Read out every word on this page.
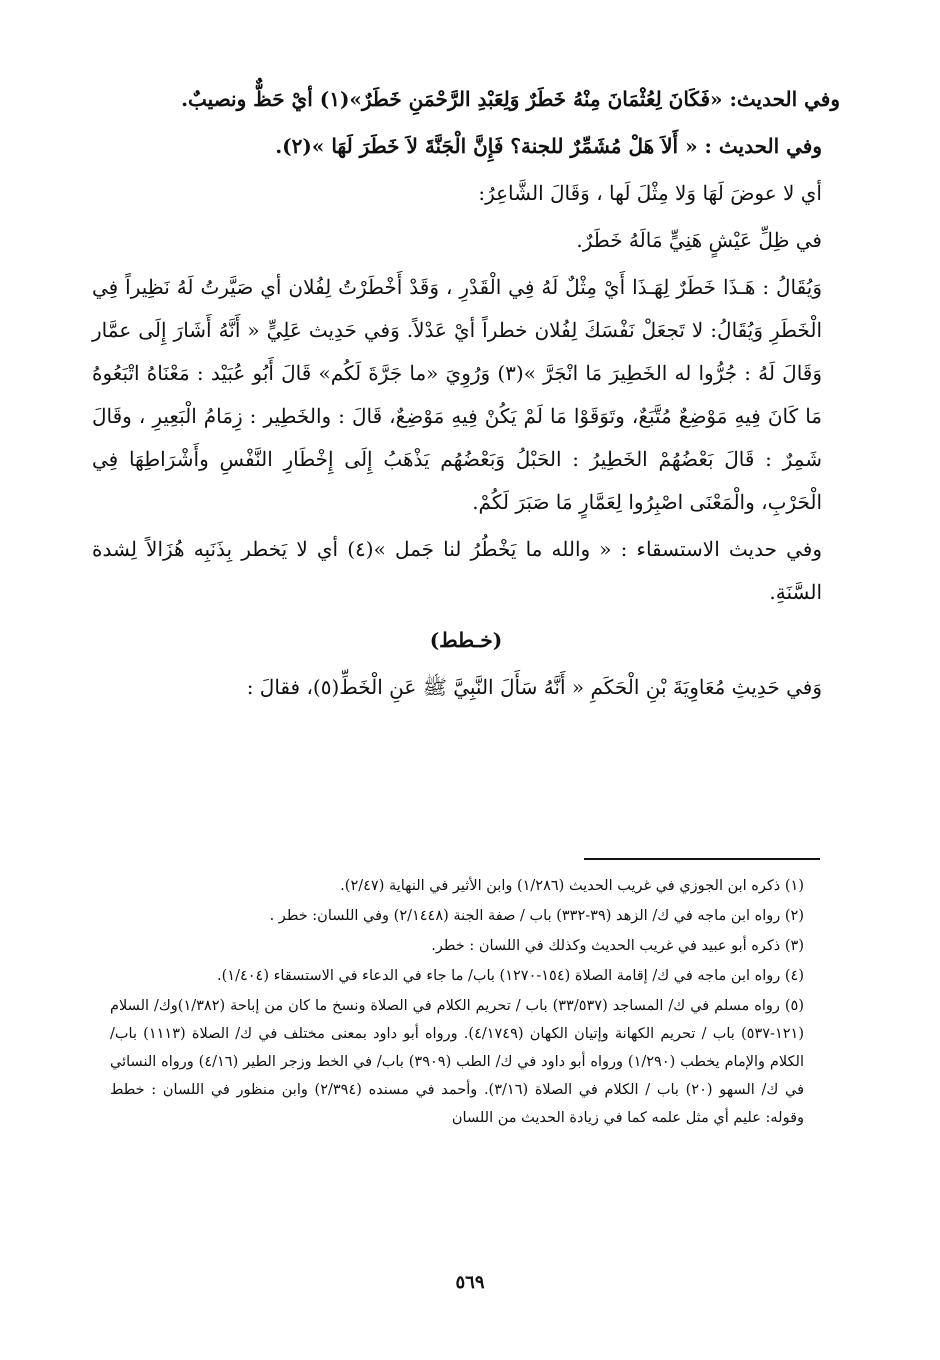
وفي الحديث: «فَكَانَ لِعُثْمَانَ مِنْهُ خَطَرٌ وَلِعَبْدِ الرَّحْمَنِ خَطَرٌ»(١) أيْ حَظٌّ ونصيبٌ.

وفي الحديث : « أَلاَ هَلْ مُشَمِّرٌ للجنة؟ فَإِنَّ الْجَنَّةَ لاَ خَطَرَ لَهَا »(٢).

أي لا عوضَ لَهَا وَلا مِثْلَ لَها ، وَقَالَ الشَّاعِرُ:

في ظِلِّ عَيْشٍ هَنِيٍّ مَالَهُ خَطَرٌ.

وَيُقَالُ : هَـذَا خَطَرٌ لِهَـذَا أَيْ مِثْلٌ لَهُ فِي الْقَدْرِ ، وَقَدْ أَخْطَرْتُ لِفُلان أي صَيَّرتُ لَهُ نَظِيراً فِي الْخَطَرِ وَيُقَالُ: لا تَجعَلْ نَفْسَكَ لِفُلان خطراً أيْ عَدْلاً. وَفي حَدِيث عَلِيٍّ « أَنَّهُ أَشَارَ إِلَى عمَّار وَقَالَ لَهُ : جُرُّوا له الخَطِيرَ مَا انْجَرَّ »(٣) وَرُوِيَ «ما جَرَّةَ لَكُم» قَالَ أَبُو عُبَيْد : مَعْنَاهُ اتْبَعُوهُ مَا كَانَ فِيهِ مَوْضِعٌ مُتَّبَعٌ، وتَوَقَوْا مَا لَمْ يَكُنْ فِيهِ مَوْضِعٌ، قَالَ : والخَطِير : زِمَامُ الْبَعِيرِ ، وقَالَ شَمِرٌ : قَالَ بَعْضُهُمْ الخَطِيرُ : الحَبْلُ وَبَعْضُهُم يَذْهَبُ إِلَى إِخْطَارِ النَّفْسِ وأَشْرَاطِهَا فِي الْحَرْبِ، والْمَعْنَى اصْبِرُوا لِعَمَّارٍ مَا صَبَرَ لَكُمْ.

وفي حديث الاستسقاء : « والله ما يَخْطُرُ لنا جَمل »(٤) أي لا يَخطر بِذَنَبِه هُزَالاً لِشدة السَّنَةِ.

(خـطط)

وَفي حَدِيثِ مُعَاوِيَةَ بْنِ الْحَكَمِ « أَنَّهُ سَأَلَ النَّبِيَّ ﷺ عَنِ الْخَطِّ(٥)، فقالَ :

(١) ذكره ابن الجوزي في غريب الحديث (١/٢٨٦) وابن الأثير في النهاية (٢/٤٧).

(٢) رواه ابن ماجه في ك/ الزهد (٣٩-٣٣٢) باب / صفة الجنة (٢/١٤٤٨) وفي اللسان: خطر .

(٣) ذكره أبو عبيد في غريب الحديث وكذلك في اللسان : خطر.

(٤) رواه ابن ماجه في ك/ إقامة الصلاة (١٥٤-١٢٧٠) باب/ ما جاء في الدعاء في الاستسقاء (١/٤٠٤).

(٥) رواه مسلم في ك/ المساجد (٣٣/٥٣٧) باب / تحريم الكلام في الصلاة ونسخ ما كان من إباحة (١/٣٨٢)وك/ السلام (١٢١-٥٣٧) باب / تحريم الكهانة وإتيان الكهان (٤/١٧٤٩). ورواه أبو داود بمعنى مختلف في ك/ الصلاة (١١١٣) باب/ الكلام والإمام يخطب (١/٢٩٠) ورواه أبو داود في ك/ الطب (٣٩٠٩) باب/ في الخط وزجر الطير (٤/١٦) ورواه النسائي في ك/ السهو (٢٠) باب / الكلام في الصلاة (٣/١٦). وأحمد في مسنده (٢/٣٩٤) وابن منظور في اللسان : خطط وقوله: عليم أي مثل علمه كما في زيادة الحديث من اللسان

٥٦٩
